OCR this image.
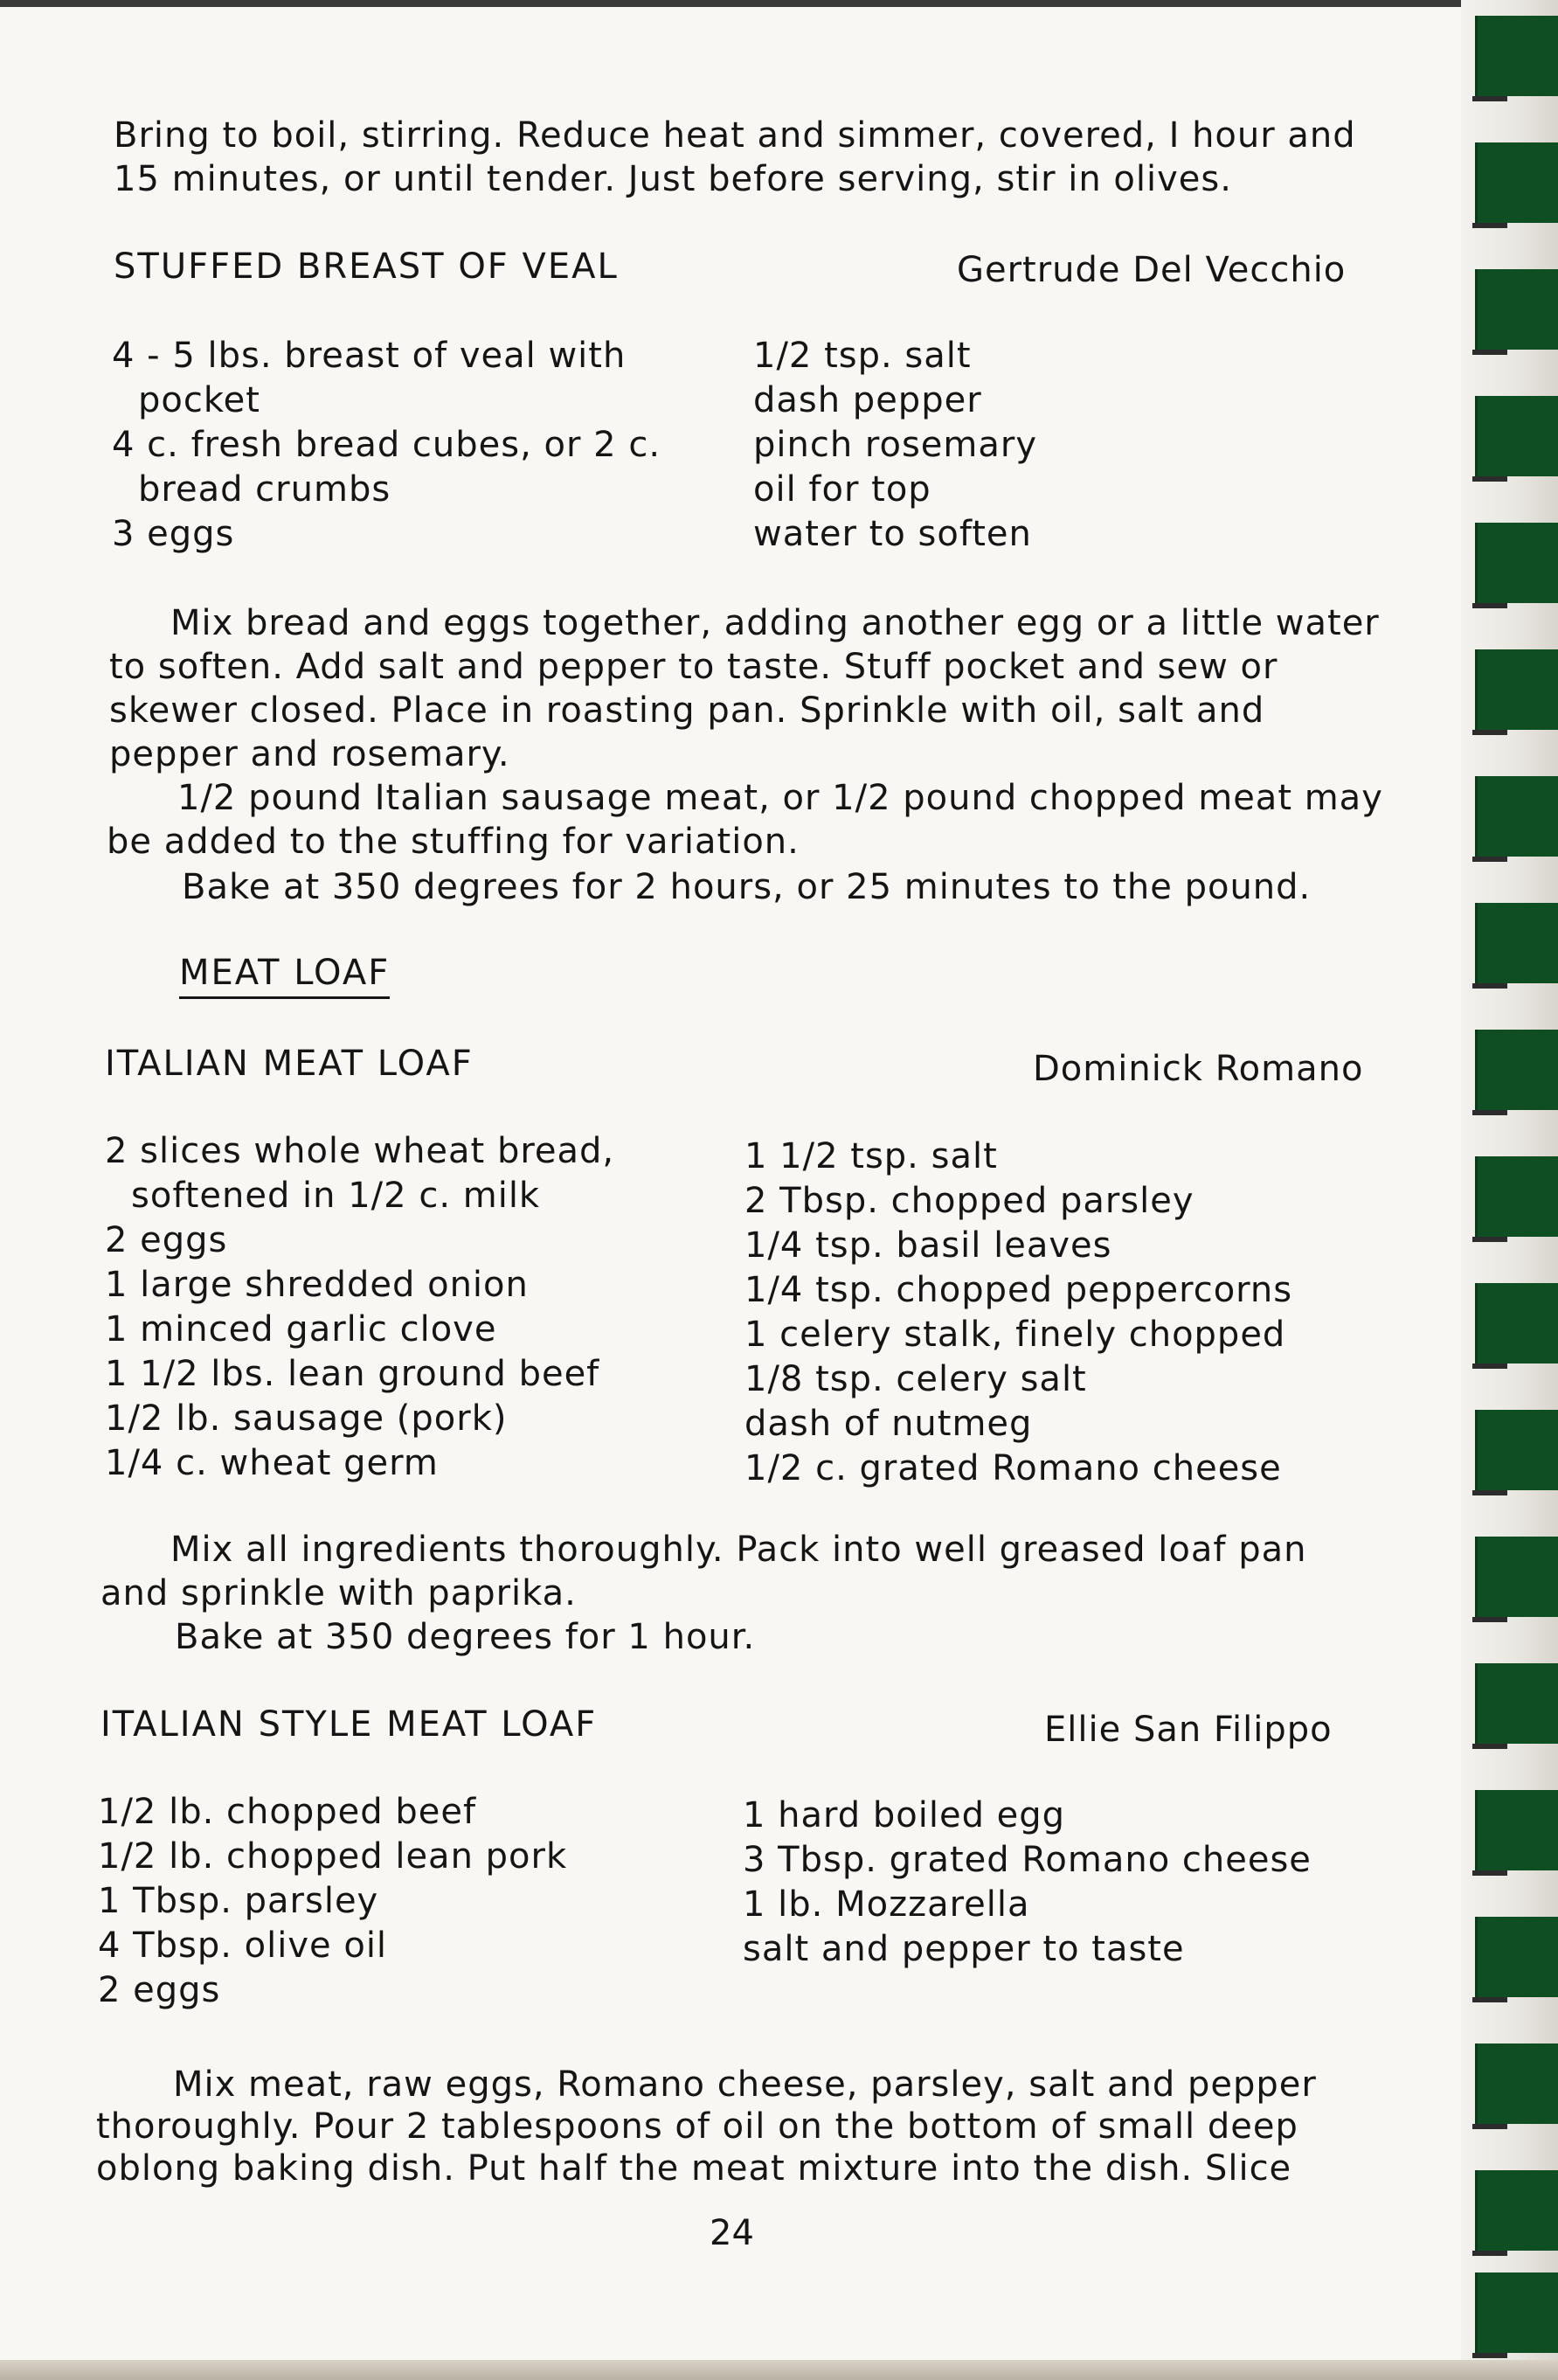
Bring to boil, stirring. Reduce heat and simmer, covered, I hour and

15 minutes, or until tender. Just before serving, stir in olives.

STUFFED BREAST OF VEAL	Gertrude Del Vecchio

4 - 5 lbs. breast of veal with
pocket
4 c. fresh bread cubes, or 2 c.
bread crumbs
3 eggs
1/2 tsp. salt
dash pepper
pinch rosemary
oil for top
water to soften

Mix bread and eggs together, adding another egg or a little water

to soften. Add salt and pepper to taste. Stuff pocket and sew or

skewer closed. Place in roasting pan. Sprinkle with oil, salt and

pepper and rosemary.

1/2 pound Italian sausage meat, or 1/2 pound chopped meat may

be added to the stuffing for variation.

Bake at 350 degrees for 2 hours, or 25 minutes to the pound.

MEAT LOAF

ITALIAN MEAT LOAF	Dominick Romano

2 slices whole wheat bread,
softened in 1/2 c. milk
2 eggs
1 large shredded onion
1 minced garlic clove
1 1/2 lbs. lean ground beef
1/2 lb. sausage (pork)
1/4 c. wheat germ
1 1/2 tsp. salt
2 Tbsp. chopped parsley
1/4 tsp. basil leaves
1/4 tsp. chopped peppercorns
1 celery stalk, finely chopped
1/8 tsp. celery salt
dash of nutmeg
1/2 c. grated Romano cheese

Mix all ingredients thoroughly. Pack into well greased loaf pan

and sprinkle with paprika.

Bake at 350 degrees for 1 hour.

ITALIAN STYLE MEAT LOAF	Ellie San Filippo

1/2 lb. chopped beef
1/2 lb. chopped lean pork
1 Tbsp. parsley
4 Tbsp. olive oil
2 eggs
1 hard boiled egg
3 Tbsp. grated Romano cheese
1 lb. Mozzarella
salt and pepper to taste

Mix meat, raw eggs, Romano cheese, parsley, salt and pepper

thoroughly. Pour 2 tablespoons of oil on the bottom of small deep

oblong baking dish. Put half the meat mixture into the dish. Slice

24
